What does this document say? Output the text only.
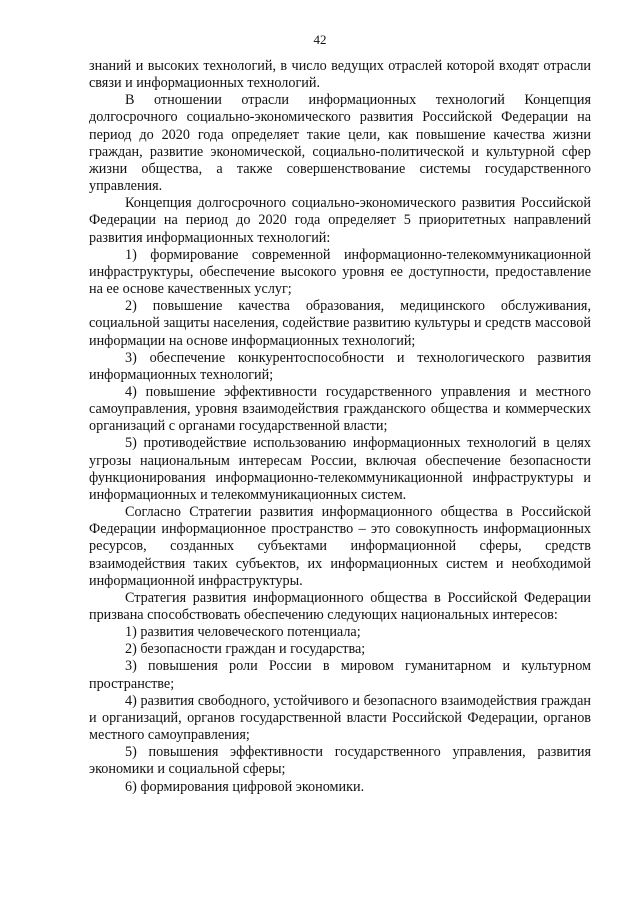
42

знаний и высоких технологий, в число ведущих отраслей которой входят отрасли связи и информационных технологий.

В отношении отрасли информационных технологий Концепция долгосрочного социально-экономического развития Российской Федерации на период до 2020 года определяет такие цели, как повышение качества жизни граждан, развитие экономической, социально-политической и культурной сфер жизни общества, а также совершенствование системы государственного управления.

Концепция долгосрочного социально-экономического развития Российской Федерации на период до 2020 года определяет 5 приоритетных направлений развития информационных технологий:

1) формирование современной информационно-телекоммуникационной инфраструктуры, обеспечение высокого уровня ее доступности, предоставление на ее основе качественных услуг;

2) повышение качества образования, медицинского обслуживания, социальной защиты населения, содействие развитию культуры и средств массовой информации на основе информационных технологий;

3) обеспечение конкурентоспособности и технологического развития информационных технологий;

4) повышение эффективности государственного управления и местного самоуправления, уровня взаимодействия гражданского общества и коммерческих организаций с органами государственной власти;

5) противодействие использованию информационных технологий в целях угрозы национальным интересам России, включая обеспечение безопасности функционирования информационно-телекоммуникационной инфраструктуры и информационных и телекоммуникационных систем.

Согласно Стратегии развития информационного общества в Российской Федерации информационное пространство – это совокупность информационных ресурсов, созданных субъектами информационной сферы, средств взаимодействия таких субъектов, их информационных систем и необходимой информационной инфраструктуры.

Стратегия развития информационного общества в Российской Федерации призвана способствовать обеспечению следующих национальных интересов:

1) развития человеческого потенциала;

2) безопасности граждан и государства;

3) повышения роли России в мировом гуманитарном и культурном пространстве;

4) развития свободного, устойчивого и безопасного взаимодействия граждан и организаций, органов государственной власти Российской Федерации, органов местного самоуправления;

5) повышения эффективности государственного управления, развития экономики и социальной сферы;

6) формирования цифровой экономики.
